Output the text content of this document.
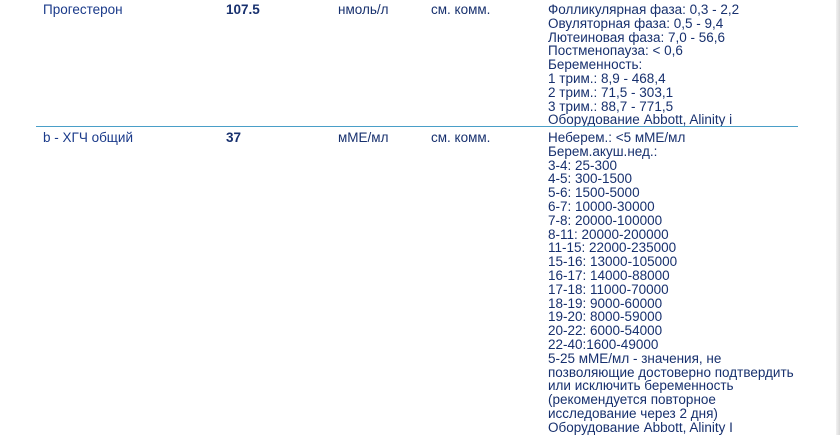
Прогестерон	107.5	нмоль/л	см. комм.	Фолликулярная фаза: 0,3 - 2,2
Овуляторная фаза: 0,5 - 9,4
Лютеиновая фаза: 7,0 - 56,6
Постменопауза: < 0,6
Беременность:
1 трим.: 8,9 - 468,4
2 трим.: 71,5 - 303,1
3 трим.: 88,7 - 771,5
Оборудование Abbott, Alinity i
b - ХГЧ общий	37	мМЕ/мл	см. комм.	Неберем.: <5 мМЕ/мл
Берем.акуш.нед.:
3-4: 25-300
4-5: 300-1500
5-6: 1500-5000
6-7: 10000-30000
7-8: 20000-100000
8-11: 20000-200000
11-15: 22000-235000
15-16: 13000-105000
16-17: 14000-88000
17-18: 11000-70000
18-19: 9000-60000
19-20: 8000-59000
20-22: 6000-54000
22-40:1600-49000
5-25 мМЕ/мл - значения, не
позволяющие достоверно подтвердить
или исключить беременность
(рекомендуется повторное
исследование через 2 дня)
Оборудование Abbott, Alinity I
